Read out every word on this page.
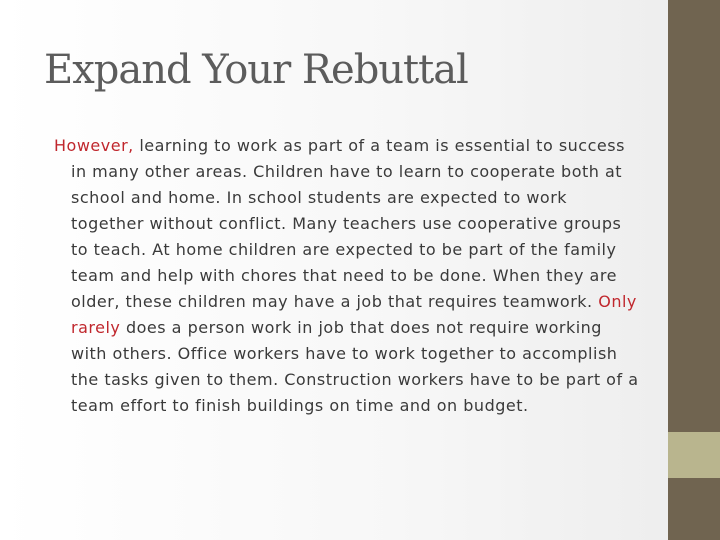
Expand Your Rebuttal

However, learning to work as part of a team is essential to success in many other areas. Children have to learn to cooperate both at school and home. In school students are expected to work together without conflict. Many teachers use cooperative groups to teach. At home children are expected to be part of the family team and help with chores that need to be done. When they are older, these children may have a job that requires teamwork. Only rarely does a person work in job that does not require working with others. Office workers have to work together to accomplish the tasks given to them. Construction workers have to be part of a team effort to finish buildings on time and on budget.
